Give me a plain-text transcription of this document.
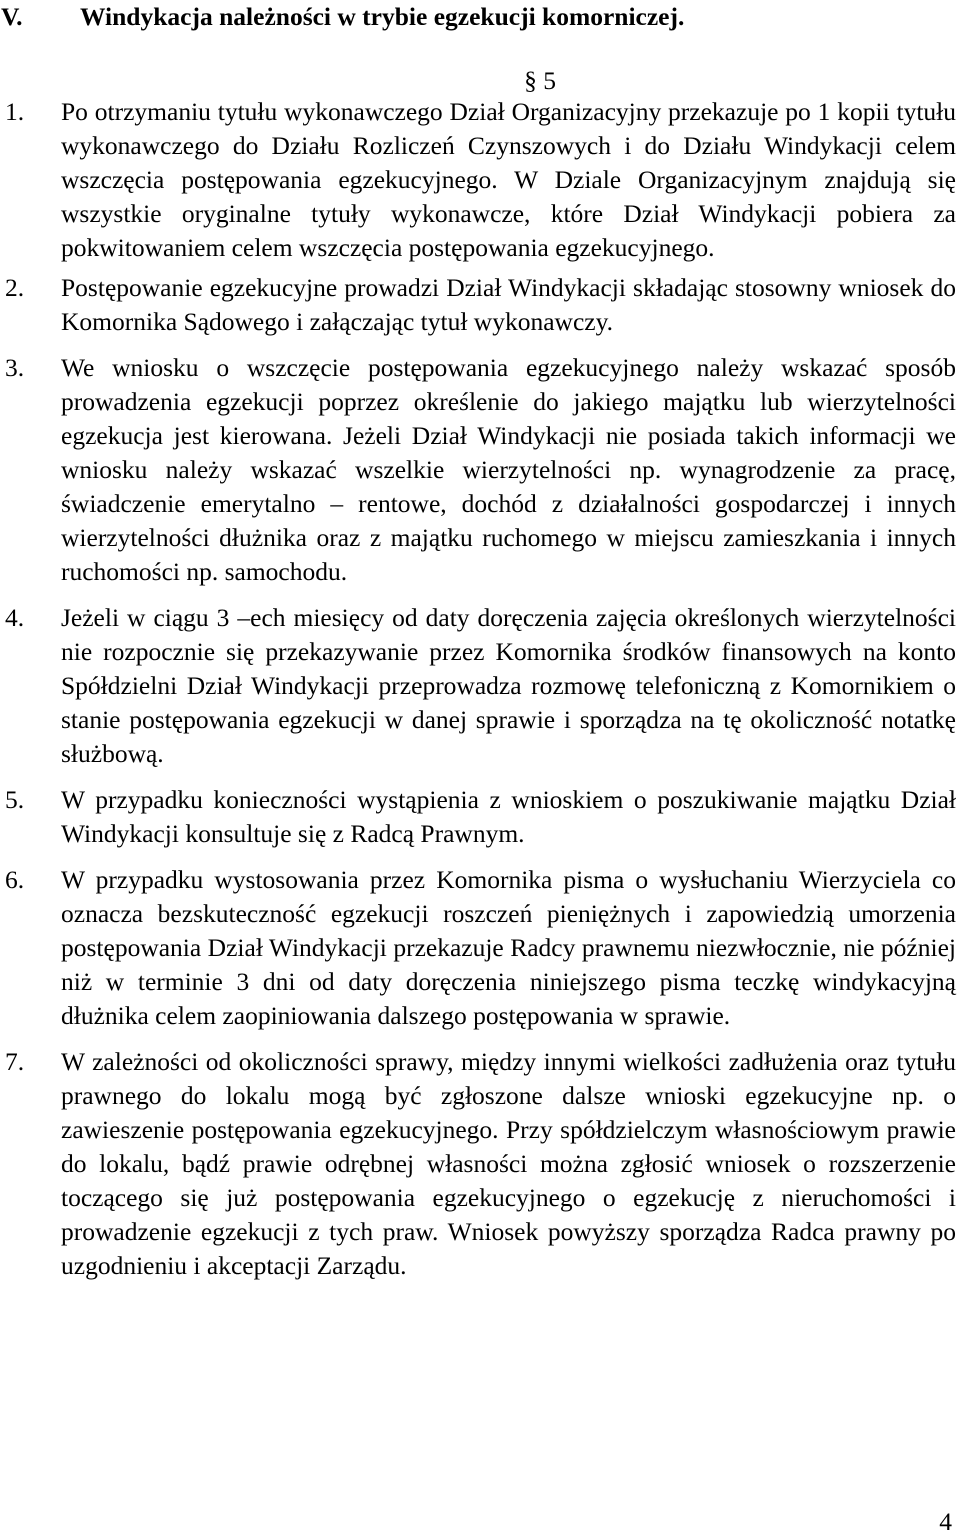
V. Windykacja należności w trybie egzekucji komorniczej.
§ 5
1. Po otrzymaniu tytułu wykonawczego Dział Organizacyjny przekazuje po 1 kopii tytułu wykonawczego do Działu Rozliczeń Czynszowych i do Działu Windykacji celem wszczęcia postępowania egzekucyjnego. W Dziale Organizacyjnym znajdują się wszystkie oryginalne tytuły wykonawcze, które Dział Windykacji pobiera za pokwitowaniem celem wszczęcia postępowania egzekucyjnego.
2. Postępowanie egzekucyjne prowadzi Dział Windykacji składając stosowny wniosek do Komornika Sądowego i załączając tytuł wykonawczy.
3. We wniosku o wszczęcie postępowania egzekucyjnego należy wskazać sposób prowadzenia egzekucji poprzez określenie do jakiego majątku lub wierzytelności egzekucja jest kierowana. Jeżeli Dział Windykacji nie posiada takich informacji we wniosku należy wskazać wszelkie wierzytelności np. wynagrodzenie za pracę, świadczenie emerytalno – rentowe, dochód z działalności gospodarczej i innych wierzytelności dłużnika oraz z majątku ruchomego w miejscu zamieszkania i innych ruchomości np. samochodu.
4. Jeżeli w ciągu 3 –ech miesięcy od daty doręczenia zajęcia określonych wierzytelności nie rozpocznie się przekazywanie przez Komornika środków finansowych na konto Spółdzielni Dział Windykacji przeprowadza rozmowę telefoniczną z Komornikiem o stanie postępowania egzekucji w danej sprawie i sporządza na tę okoliczność notatkę służbową.
5. W przypadku konieczności wystąpienia z wnioskiem o poszukiwanie majątku Dział Windykacji konsultuje się z Radcą Prawnym.
6. W przypadku wystosowania przez Komornika pisma o wysłuchaniu Wierzyciela co oznacza bezskuteczność egzekucji roszczeń pieniężnych i zapowiedzią umorzenia postępowania Dział Windykacji przekazuje Radcy prawnemu niezwłocznie, nie później niż w terminie 3 dni od daty doręczenia niniejszego pisma teczkę windykacyjną dłużnika celem zaopiniowania dalszego postępowania w sprawie.
7. W zależności od okoliczności sprawy, między innymi wielkości zadłużenia oraz tytułu prawnego do lokalu mogą być zgłoszone dalsze wnioski egzekucyjne np. o zawieszenie postępowania egzekucyjnego. Przy spółdzielczym własnościowym prawie do lokalu, bądź prawie odrębnej własności można zgłosić wniosek o rozszerzenie toczącego się już postępowania egzekucyjnego o egzekucję z nieruchomości i prowadzenie egzekucji z tych praw. Wniosek powyższy sporządza Radca prawny po uzgodnieniu i akceptacji Zarządu.
4
